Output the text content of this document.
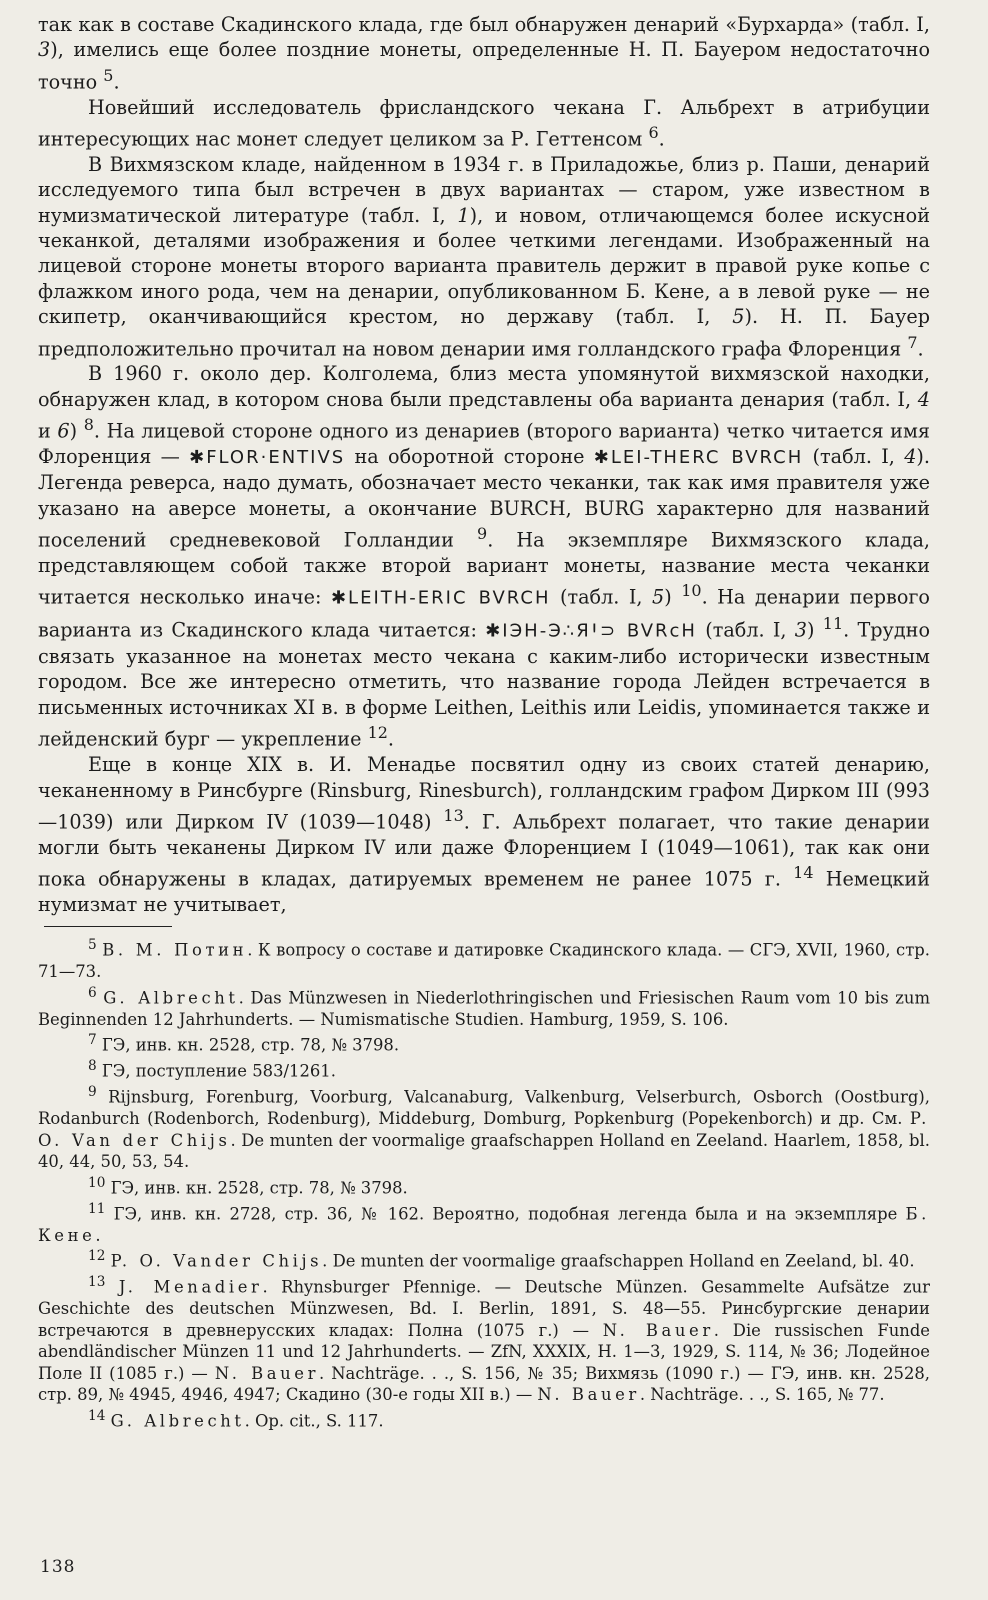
так как в составе Скадинского клада, где был обнаружен денарий «Бурхарда» (табл. I, 3), имелись еще более поздние монеты, определенные Н. П. Бауером недостаточно точно $^5$.

Новейший исследователь фрисландского чекана Г. Альбрехт в атрибуции интересующих нас монет следует целиком за Р. Геттенсом $^6$.

В Вихмязском кладе, найденном в 1934 г. в Приладожье, близ р. Паши, денарий исследуемого типа был встречен в двух вариантах — старом, уже известном в нумизматической литературе (табл. I, 1), и новом, отличающемся более искусной чеканкой, деталями изображения и более четкими легендами. Изображенный на лицевой стороне монеты второго варианта правитель держит в правой руке копье с флажком иного рода, чем на денарии, опубликованном Б. Кене, а в левой руке — не скипетр, оканчивающийся крестом, но державу (табл. I, 5). Н. П. Бауер предположительно прочитал на новом денарии имя голландского графа Флоренция $^7$.

В 1960 г. около дер. Колголема, близ места упомянутой вихмязской находки, обнаружен клад, в котором снова были представлены оба варианта денария (табл. I, 4 и 6) $^8$. На лицевой стороне одного из денариев (второго варианта) четко читается имя Флоренция — ✱FLOR·ENTIVS на оборотной стороне ✱LEI-THERC BVRCH (табл. I, 4). Легенда реверса, надо думать, обозначает место чеканки, так как имя правителя уже указано на аверсе монеты, а окончание BURCH, BURG характерно для названий поселений средневековой Голландии $^9$. На экземпляре Вихмязского клада, представляющем собой также второй вариант монеты, название места чеканки читается несколько иначе: ✱LEITH-ERIC BVRCH (табл. I, 5) $^{10}$. На денарии первого варианта из Скадинского клада читается: ✱IЭH-Э∴ЯꞋ⊃ BVRcH (табл. I, 3) $^{11}$. Трудно связать указанное на монетах место чекана с каким-либо исторически известным городом. Все же интересно отметить, что название города Лейден встречается в письменных источниках XI в. в форме Leithen, Leithis или Leidis, упоминается также и лейденский бург — укрепление $^{12}$.

Еще в конце XIX в. И. Менадье посвятил одну из своих статей денарию, чеканенному в Ринсбурге (Rinsburg, Rinesburch), голландским графом Дирком III (993—1039) или Дирком IV (1039—1048) $^{13}$. Г. Альбрехт полагает, что такие денарии могли быть чеканены Дирком IV или даже Флоренцием I (1049—1061), так как они пока обнаружены в кладах, датируемых временем не ранее 1075 г. $^{14}$ Немецкий нумизмат не учитывает,

$^5$ В. М. Потин. К вопросу о составе и датировке Скадинского клада. — СГЭ, XVII, 1960, стр. 71—73.

$^6$ G. Albrecht. Das Münzwesen in Niederlothringischen und Friesischen Raum vom 10 bis zum Beginnenden 12 Jahrhunderts. — Numismatische Studien. Hamburg, 1959, S. 106.

$^7$ ГЭ, инв. кн. 2528, стр. 78, № 3798.

$^8$ ГЭ, поступление 583/1261.

$^9$ Rijnsburg, Forenburg, Voorburg, Valcanaburg, Valkenburg, Velserburch, Osborch (Oostburg), Rodanburch (Rodenborch, Rodenburg), Middeburg, Domburg, Popkenburg (Popekenborch) и др. См. P. O. Van der Chijs. De munten der voormalige graafschappen Holland en Zeeland. Haarlem, 1858, bl. 40, 44, 50, 53, 54.

$^{10}$ ГЭ, инв. кн. 2528, стр. 78, № 3798.

$^{11}$ ГЭ, инв. кн. 2728, стр. 36, № 162. Вероятно, подобная легенда была и на экземпляре Б. Кене.

$^{12}$ P. O. Vander Chijs. De munten der voormalige graafschappen Holland en Zeeland, bl. 40.

$^{13}$ J. Menadier. Rhynsburger Pfennige. — Deutsche Münzen. Gesammelte Aufsätze zur Geschichte des deutschen Münzwesen, Bd. I. Berlin, 1891, S. 48—55. Ринсбургские денарии встречаются в древнерусских кладах: Полна (1075 г.) — N. Bauer. Die russischen Funde abendländischer Münzen 11 und 12 Jahrhunderts. — ZfN, XXXIX, H. 1—3, 1929, S. 114, № 36; Лодейное Поле II (1085 г.) — N. Bauer. Nachträge. . ., S. 156, № 35; Вихмязь (1090 г.) — ГЭ, инв. кн. 2528, стр. 89, № 4945, 4946, 4947; Скадино (30-е годы XII в.) — N. Bauer. Nachträge. . ., S. 165, № 77.

$^{14}$ G. Albrecht. Op. cit., S. 117.

138
